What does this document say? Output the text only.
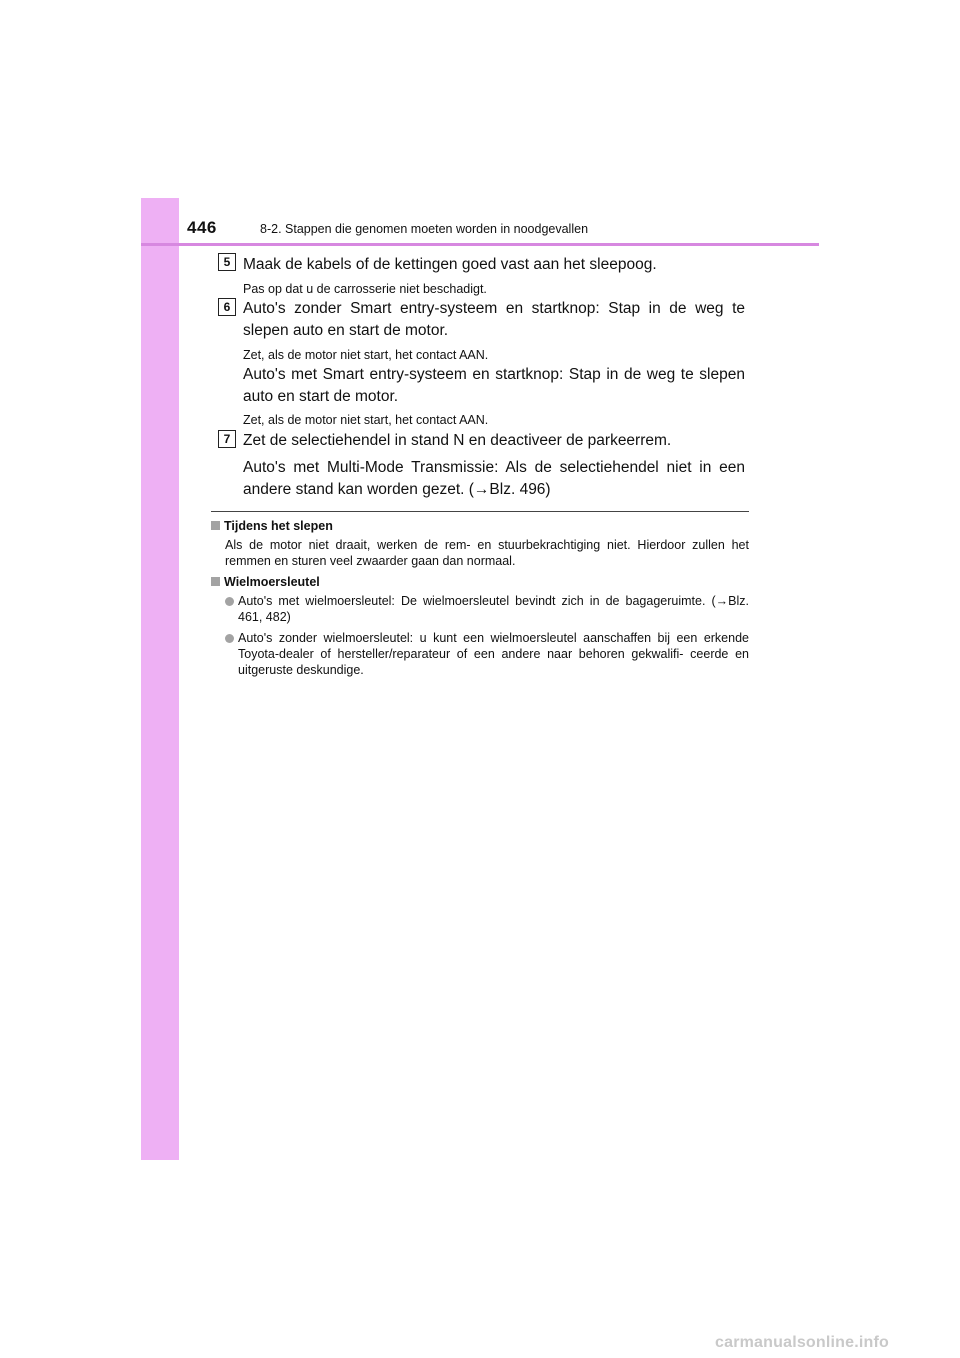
446	8-2. Stappen die genomen moeten worden in noodgevallen
5 Maak de kabels of de kettingen goed vast aan het sleepoog.
Pas op dat u de carrosserie niet beschadigt.
6 Auto's zonder Smart entry-systeem en startknop: Stap in de weg te slepen auto en start de motor.
Zet, als de motor niet start, het contact AAN.
Auto's met Smart entry-systeem en startknop: Stap in de weg te slepen auto en start de motor.
Zet, als de motor niet start, het contact AAN.
7 Zet de selectiehendel in stand N en deactiveer de parkeerrem.
Auto's met Multi-Mode Transmissie: Als de selectiehendel niet in een andere stand kan worden gezet. (→Blz. 496)
Tijdens het slepen
Als de motor niet draait, werken de rem- en stuurbekrachtiging niet. Hierdoor zullen het remmen en sturen veel zwaarder gaan dan normaal.
Wielmoersleutel
Auto's met wielmoersleutel: De wielmoersleutel bevindt zich in de bagageruimte. (→Blz. 461, 482)
Auto's zonder wielmoersleutel: u kunt een wielmoersleutel aanschaffen bij een erkende Toyota-dealer of hersteller/reparateur of een andere naar behoren gekwalifi- ceerde en uitgeruste deskundige.
carmanualsonline.info
